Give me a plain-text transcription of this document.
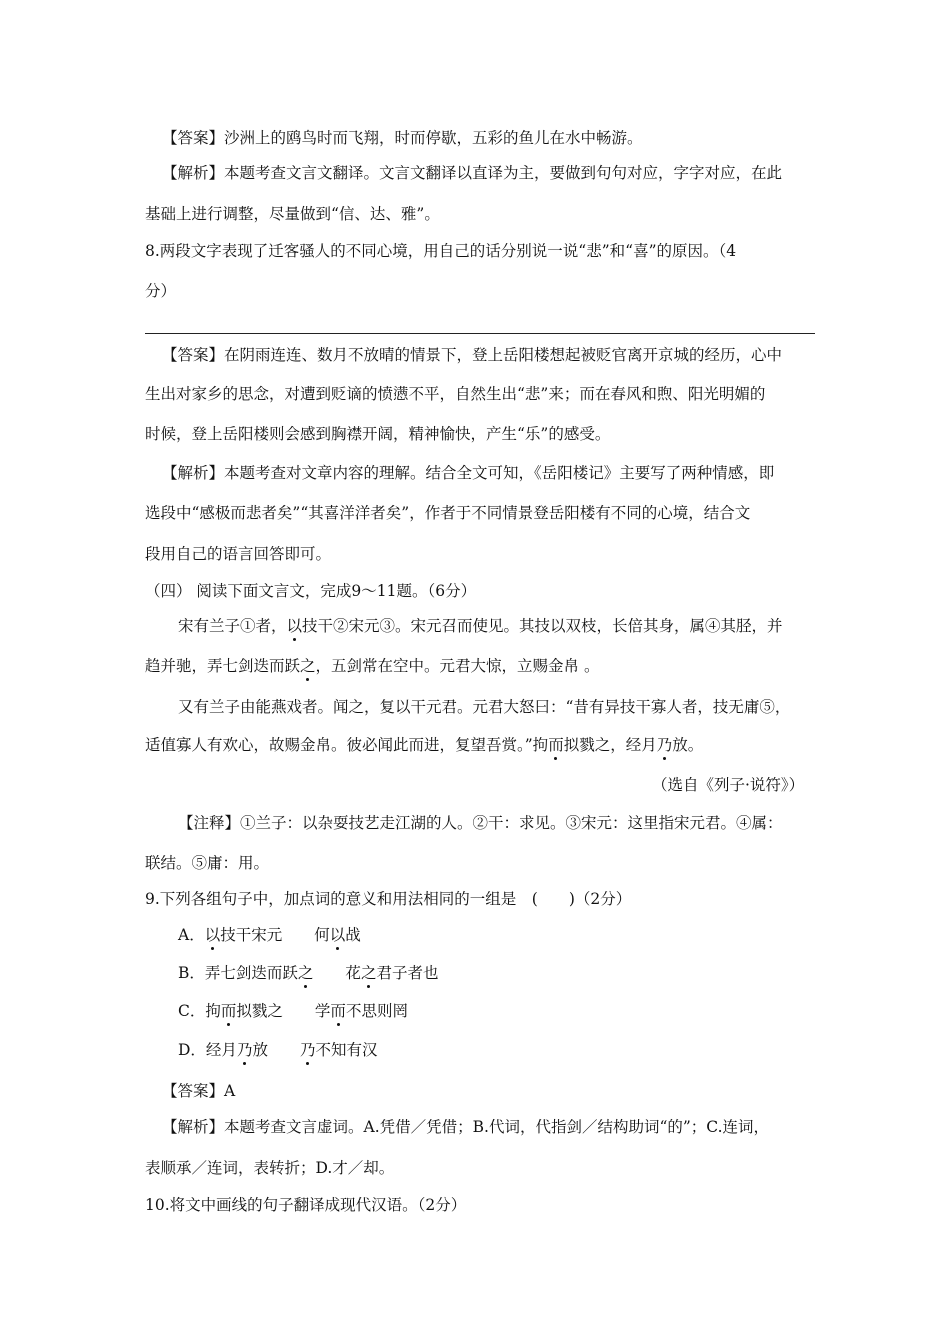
【答案】沙洲上的鸥鸟时而飞翔，时而停歇，五彩的鱼儿在水中畅游。
【解析】本题考查文言文翻译。文言文翻译以直译为主，要做到句句对应，字字对应，在此
基础上进行调整，尽量做到“信、达、雅”。
8.两段文字表现了迁客骚人的不同心境，用自己的话分别说一说“悲”和“喜”的原因。（4
分）
【答案】在阴雨连连、数月不放晴的情景下，登上岳阳楼想起被贬官离开京城的经历，心中
生出对家乡的思念，对遭到贬谪的愤懑不平，自然生出“悲”来；而在春风和煦、阳光明媚的
时候，登上岳阳楼则会感到胸襟开阔，精神愉快，产生“乐”的感受。
【解析】本题考查对文章内容的理解。结合全文可知，《岳阳楼记》主要写了两种情感，即
选段中“感极而悲者矣”“其喜洋洋者矣”，作者于不同情景登岳阳楼有不同的心境，结合文
段用自己的语言回答即可。
（四） 阅读下面文言文，完成9～11题。（6分）
宋有兰子①者，以技干②宋元③。宋元召而使见。其技以双枝，长倍其身，属④其胫，并
趋并驰，弄七剑迭而跃之，五剑常在空中。元君大惊，立赐金帛 。
又有兰子由能燕戏者。闻之，复以干元君。元君大怒曰：“昔有异技干寡人者，技无庸⑤，
适值寡人有欢心，故赐金帛。彼必闻此而进，复望吾赏。”拘而拟戮之，经月乃放。
（选自《列子·说符》）
【注释】①兰子：以杂耍技艺走江湖的人。②干：求见。③宋元：这里指宋元君。④属：
联结。⑤庸：用。
9.下列各组句子中，加点词的意义和用法相同的一组是　(　　)（2分）
A．以技干宋元 何以战
B．弄七剑迭而跃之 花之君子者也
C．拘而拟戮之 学而不思则罔
D．经月乃放 乃不知有汉
【答案】A
【解析】本题考查文言虚词。A.凭借／凭借；B.代词，代指剑／结构助词“的”；C.连词，
表顺承／连词，表转折；D.才／却。
10.将文中画线的句子翻译成现代汉语。（2分）
